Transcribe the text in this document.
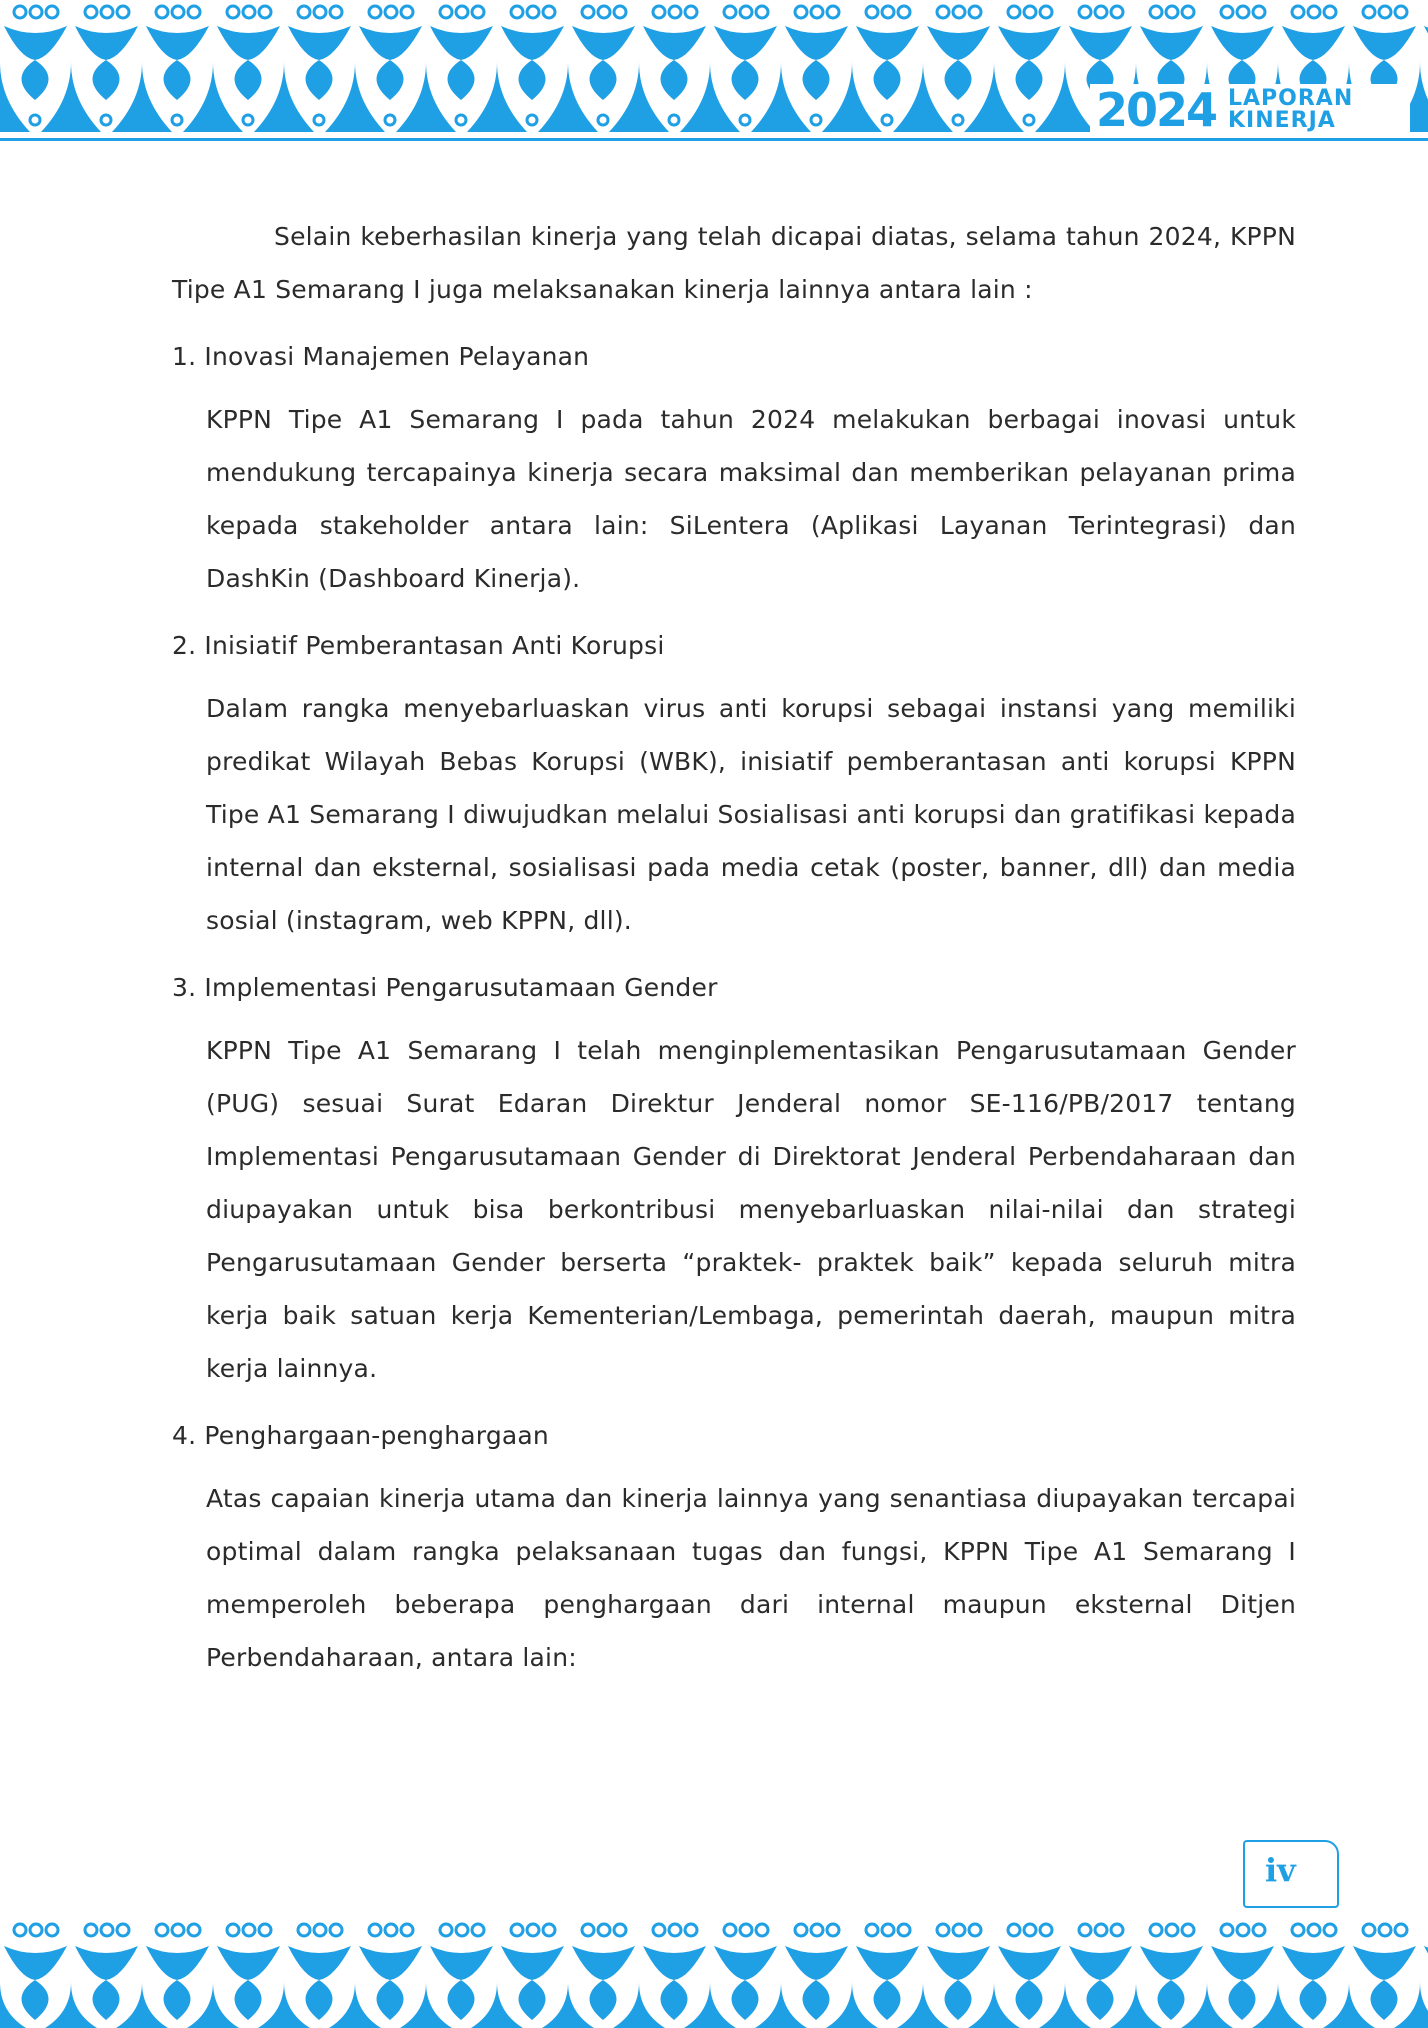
2024 LAPORAN
KINERJA

Selain keberhasilan kinerja yang telah dicapai diatas, selama tahun 2024, KPPN Tipe A1 Semarang I juga melaksanakan kinerja lainnya antara lain :

1. Inovasi Manajemen Pelayanan

KPPN Tipe A1 Semarang I pada tahun 2024 melakukan berbagai inovasi untuk mendukung tercapainya kinerja secara maksimal dan memberikan pelayanan prima kepada stakeholder antara lain: SiLentera (Aplikasi Layanan Terintegrasi) dan DashKin (Dashboard Kinerja).

2. Inisiatif Pemberantasan Anti Korupsi

Dalam rangka menyebarluaskan virus anti korupsi sebagai instansi yang memiliki predikat Wilayah Bebas Korupsi (WBK), inisiatif pemberantasan anti korupsi KPPN Tipe A1 Semarang I diwujudkan melalui Sosialisasi anti korupsi dan gratifikasi kepada internal dan eksternal, sosialisasi pada media cetak (poster, banner, dll) dan media sosial (instagram, web KPPN, dll).

3. Implementasi Pengarusutamaan Gender

KPPN Tipe A1 Semarang I telah menginplementasikan Pengarusutamaan Gender (PUG) sesuai Surat Edaran Direktur Jenderal nomor SE-116/PB/2017 tentang Implementasi Pengarusutamaan Gender di Direktorat Jenderal Perbendaharaan dan diupayakan untuk bisa berkontribusi menyebarluaskan nilai-nilai dan strategi Pengarusutamaan Gender berserta “praktek- praktek baik” kepada seluruh mitra kerja baik satuan kerja Kementerian/Lembaga, pemerintah daerah, maupun mitra kerja lainnya.

4. Penghargaan-penghargaan

Atas capaian kinerja utama dan kinerja lainnya yang senantiasa diupayakan tercapai optimal dalam rangka pelaksanaan tugas dan fungsi, KPPN Tipe A1 Semarang I memperoleh beberapa penghargaan dari internal maupun eksternal Ditjen Perbendaharaan, antara lain:

iv
